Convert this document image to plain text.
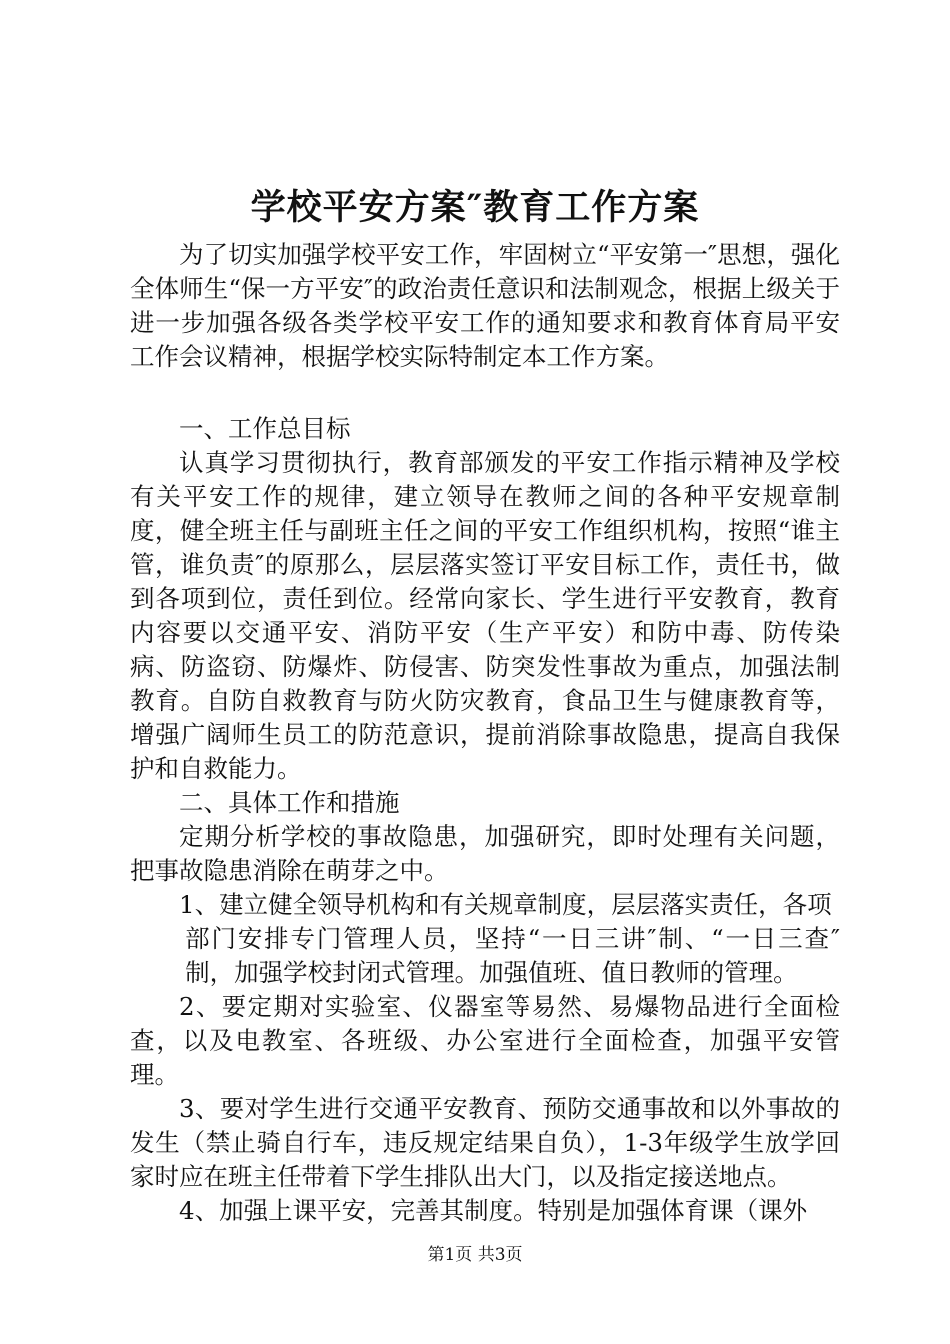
学校平安方案″教育工作方案

为了切实加强学校平安工作，牢固树立“平安第一″思想，强化全体师生“保一方平安″的政治责任意识和法制观念，根据上级关于进一步加强各级各类学校平安工作的通知要求和教育体育局平安工作会议精神，根据学校实际特制定本工作方案。

一、工作总目标

认真学习贯彻执行，教育部颁发的平安工作指示精神及学校有关平安工作的规律，建立领导在教师之间的各种平安规章制度，健全班主任与副班主任之间的平安工作组织机构，按照“谁主管，谁负责″的原那么，层层落实签订平安目标工作，责任书，做到各项到位，责任到位。经常向家长、学生进行平安教育，教育内容要以交通平安、消防平安（生产平安）和防中毒、防传染病、防盗窃、防爆炸、防侵害、防突发性事故为重点，加强法制教育。自防自救教育与防火防灾教育，食品卫生与健康教育等，增强广阔师生员工的防范意识，提前消除事故隐患，提高自我保护和自救能力。

二、具体工作和措施

定期分析学校的事故隐患，加强研究，即时处理有关问题，把事故隐患消除在萌芽之中。

1、建立健全领导机构和有关规章制度，层层落实责任，各项

部门安排专门管理人员，坚持“一日三讲″制、“一日三查″制，加强学校封闭式管理。加强值班、值日教师的管理。

2、要定期对实验室、仪器室等易然、易爆物品进行全面检查，以及电教室、各班级、办公室进行全面检查，加强平安管理。

3、要对学生进行交通平安教育、预防交通事故和以外事故的发生（禁止骑自行车，违反规定结果自负），1-3年级学生放学回家时应在班主任带着下学生排队出大门，以及指定接送地点。

4、加强上课平安，完善其制度。特别是加强体育课（课外

第1页 共3页
